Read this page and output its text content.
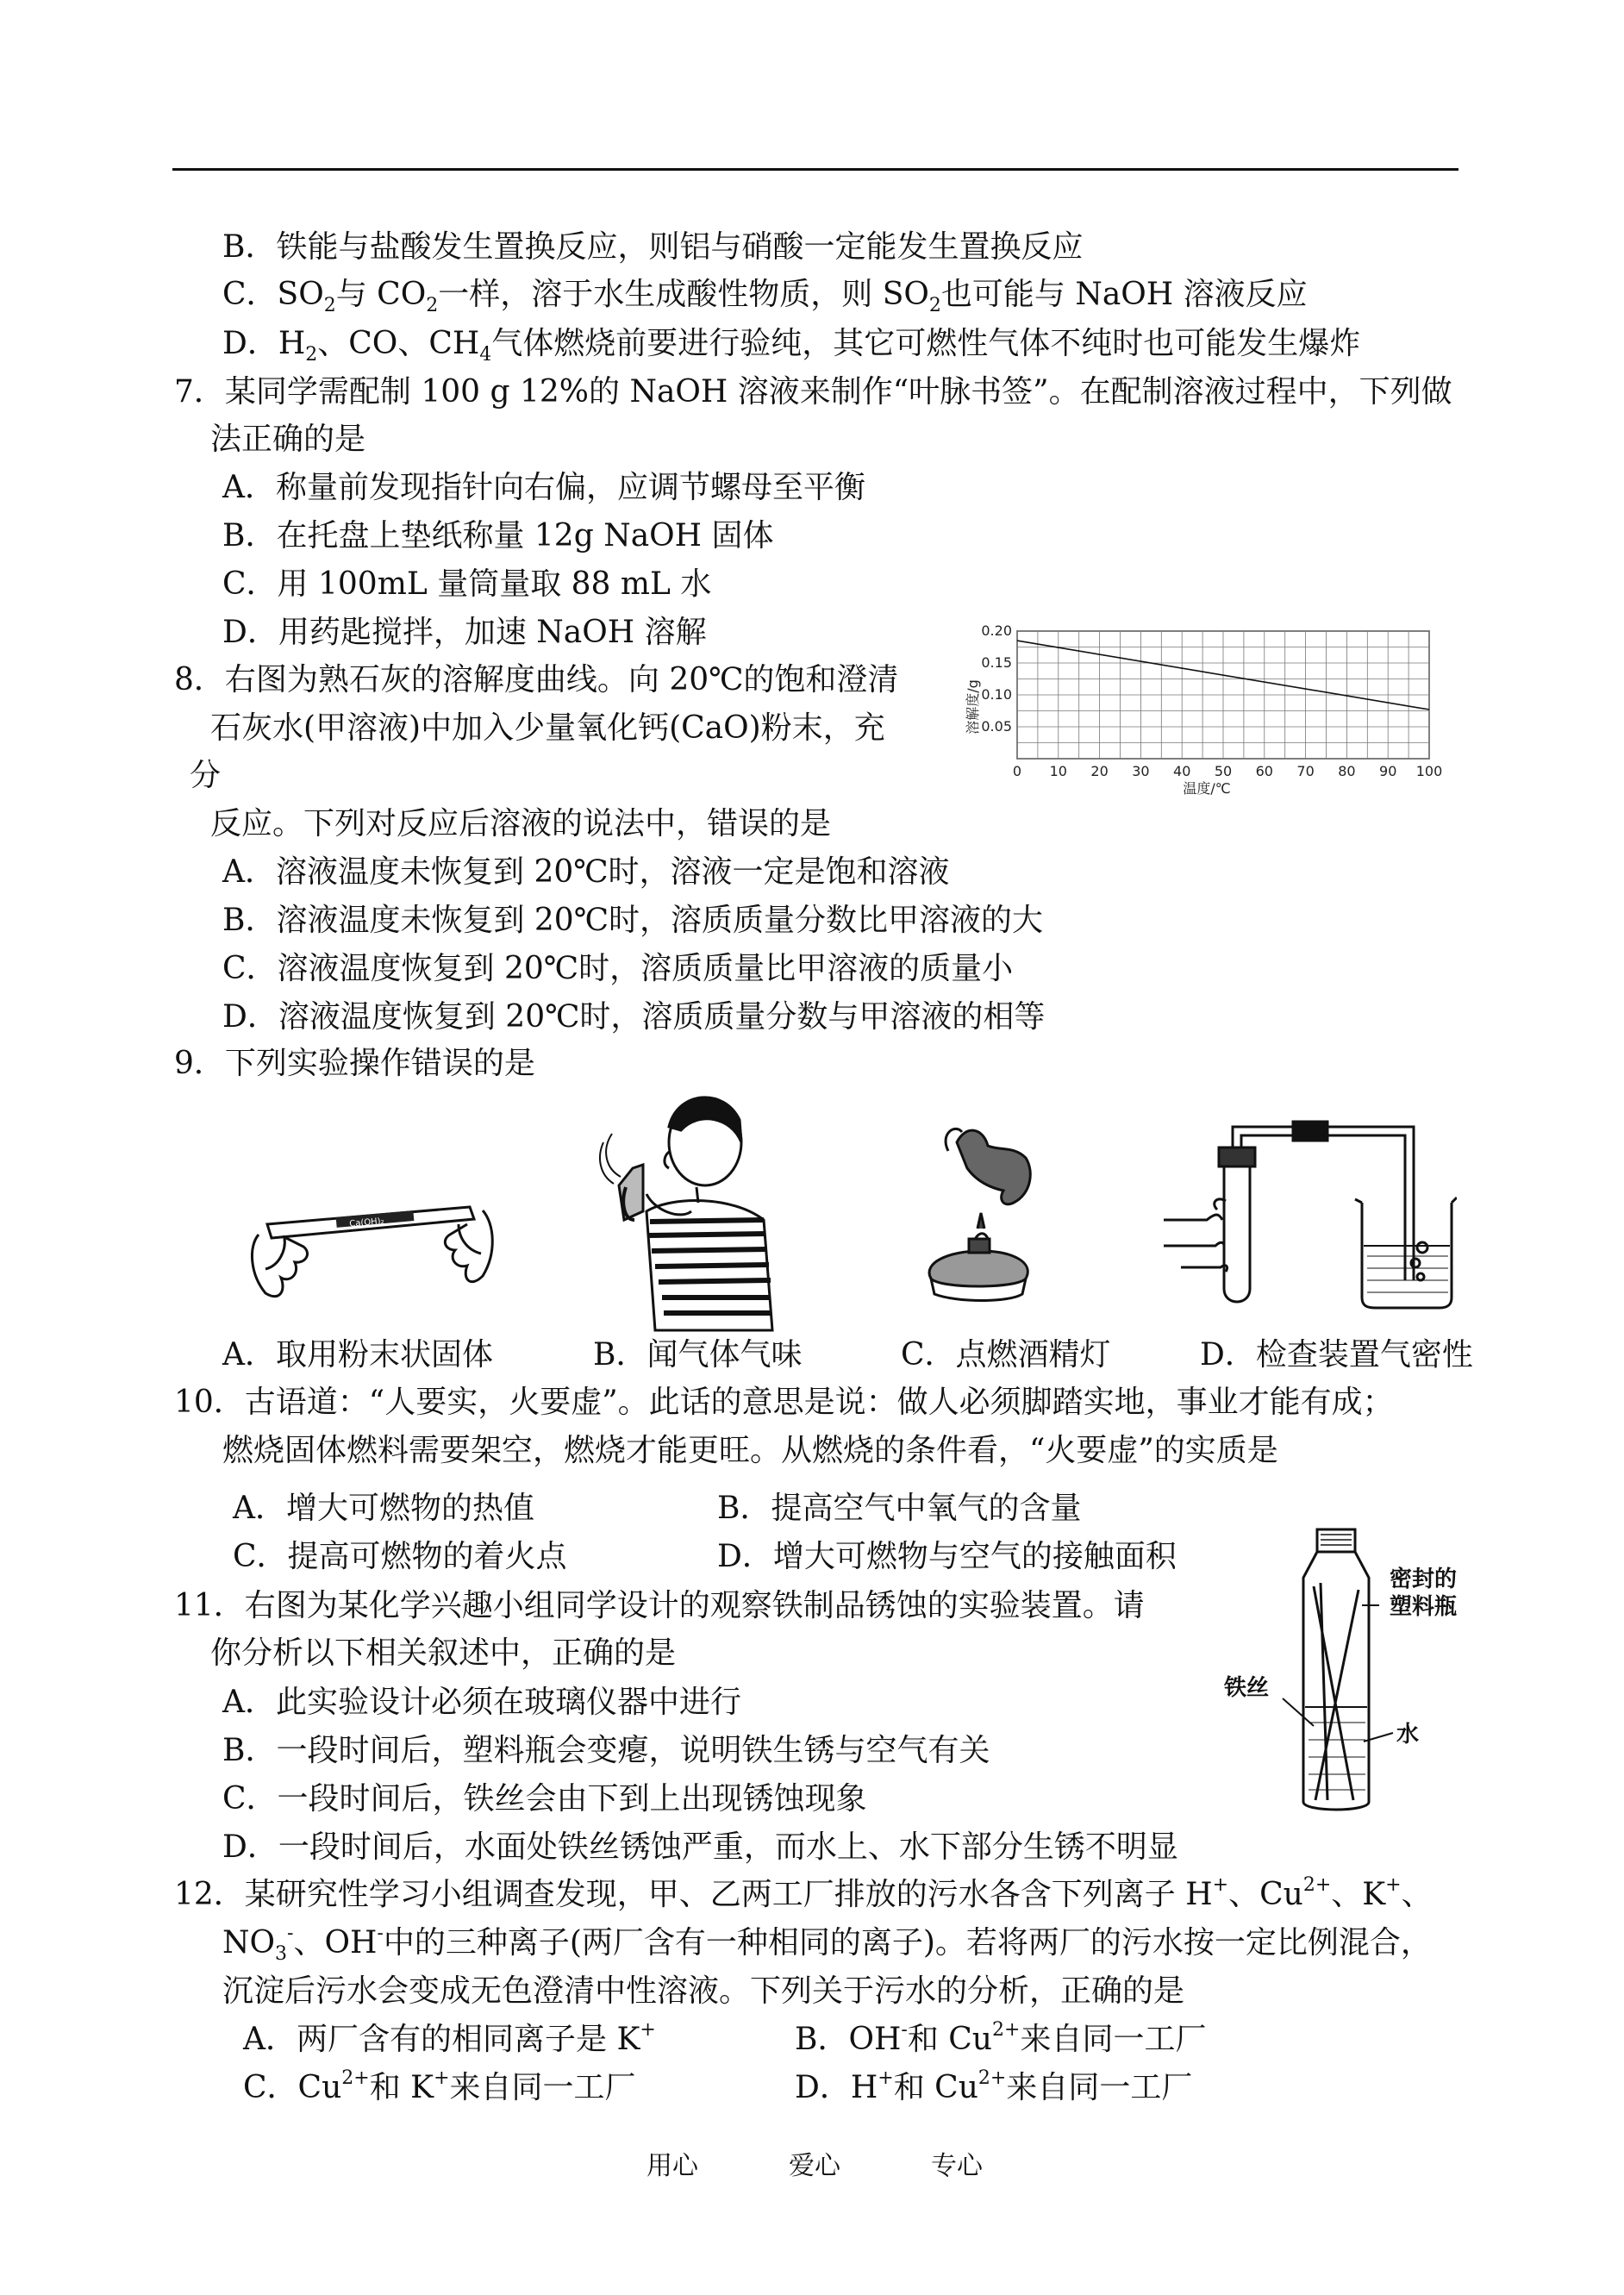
B．铁能与盐酸发生置换反应，则铝与硝酸一定能发生置换反应
C．$SO_2$与 $CO_2$一样，溶于水生成酸性物质，则 $SO_2$也可能与 NaOH 溶液反应
D．$H_2$、CO、$CH_4$气体燃烧前要进行验纯，其它可燃性气体不纯时也可能发生爆炸
7．某同学需配制 100 g 12%的 NaOH 溶液来制作“叶脉书签”。在配制溶液过程中，下列做
法正确的是
A．称量前发现指针向右偏，应调节螺母至平衡
B．在托盘上垫纸称量 12g NaOH 固体
C．用 100mL 量筒量取 88 mL 水
D．用药匙搅拌，加速 NaOH 溶解
8．右图为熟石灰的溶解度曲线。向 20℃的饱和澄清
石灰水(甲溶液)中加入少量氧化钙(CaO)粉末，充
分
反应。下列对反应后溶液的说法中，错误的是
A．溶液温度未恢复到 20℃时，溶液一定是饱和溶液
B．溶液温度未恢复到 20℃时，溶质质量分数比甲溶液的大
C．溶液温度恢复到 20℃时，溶质质量比甲溶液的质量小
D．溶液温度恢复到 20℃时，溶质质量分数与甲溶液的相等
溶解度/g
0 10 20 30 40 50 60 70 80 90 100
0.05
0.10
0.15
0.20
温度/℃
9．下列实验操作错误的是
Ca(OH)₂
A．取用粉末状固体	B．闻气体气味	C．点燃酒精灯	D．检查装置气密性
10．古语道：“人要实，火要虚”。此话的意思是说：做人必须脚踏实地，事业才能有成；
燃烧固体燃料需要架空，燃烧才能更旺。从燃烧的条件看，“火要虚”的实质是
A．增大可燃物的热值	B．提高空气中氧气的含量
C．提高可燃物的着火点	D．增大可燃物与空气的接触面积
11．右图为某化学兴趣小组同学设计的观察铁制品锈蚀的实验装置。请
你分析以下相关叙述中，正确的是
A．此实验设计必须在玻璃仪器中进行
B．一段时间后，塑料瓶会变瘪，说明铁生锈与空气有关
C．一段时间后，铁丝会由下到上出现锈蚀现象
D．一段时间后，水面处铁丝锈蚀严重，而水上、水下部分生锈不明显
密封的塑料瓶
铁丝
水
12．某研究性学习小组调查发现，甲、乙两工厂排放的污水各含下列离子 H+、$Cu^{2+}$、K+、
$NO_3^-$、OH-中的三种离子(两厂含有一种相同的离子)。若将两厂的污水按一定比例混合，
沉淀后污水会变成无色澄清中性溶液。下列关于污水的分析，正确的是
A．两厂含有的相同离子是 K+	B．OH-和 $Cu^{2+}$来自同一工厂
C．$Cu^{2+}$和 K+来自同一工厂	D．H+和 $Cu^{2+}$来自同一工厂
用心	爱心	专心
